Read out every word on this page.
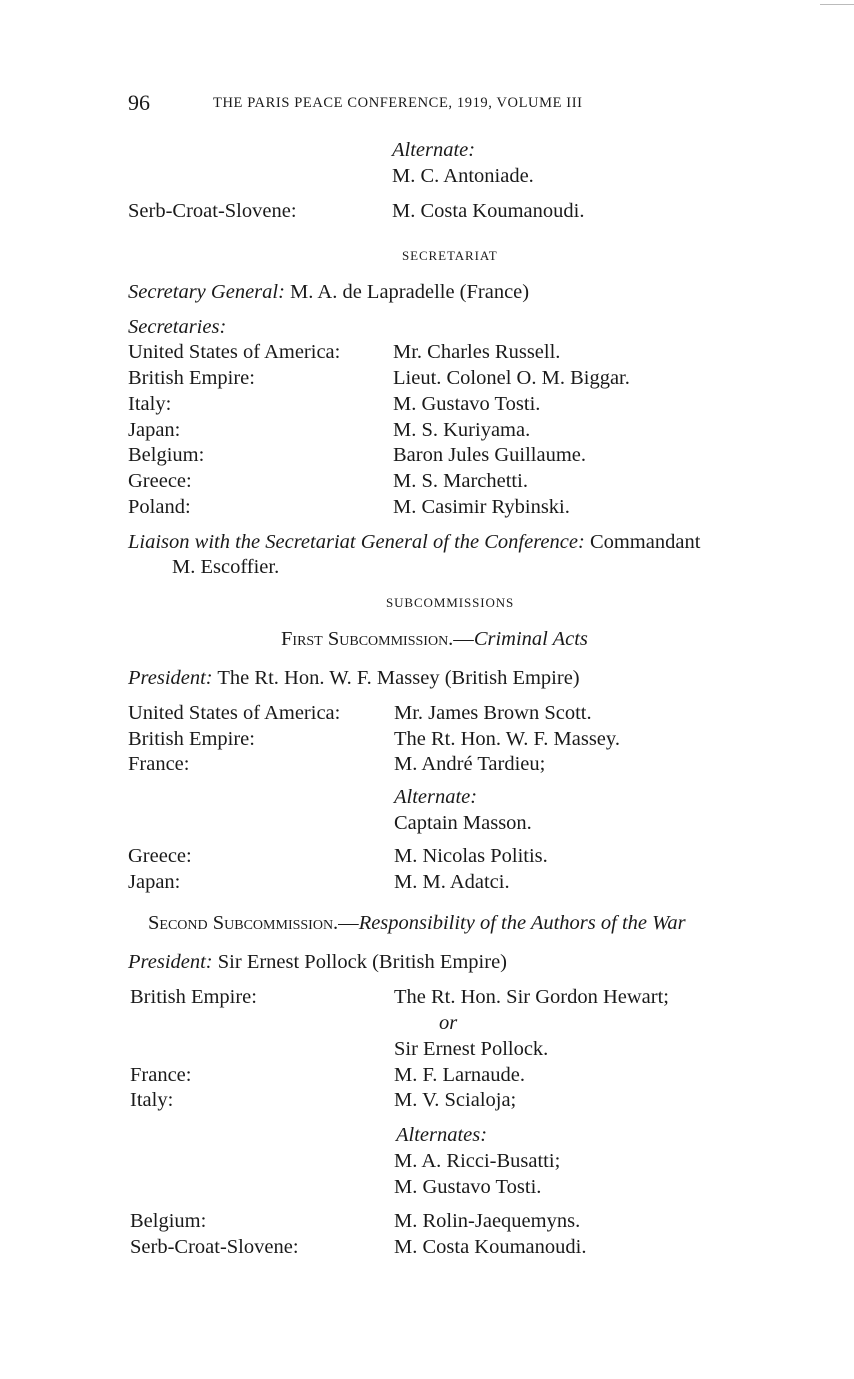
96	THE PARIS PEACE CONFERENCE, 1919, VOLUME III
Alternate:
M. C. Antoniade.
Serb-Croat-Slovene:	M. Costa Koumanoudi.
SECRETARIAT
Secretary General: M. A. de Lapradelle (France)
Secretaries:
United States of America:	Mr. Charles Russell.
British Empire:	Lieut. Colonel O. M. Biggar.
Italy:	M. Gustavo Tosti.
Japan:	M. S. Kuriyama.
Belgium:	Baron Jules Guillaume.
Greece:	M. S. Marchetti.
Poland:	M. Casimir Rybinski.
Liaison with the Secretariat General of the Conference: Commandant
M. Escoffier.
SUBCOMMISSIONS
First Subcommission.—Criminal Acts
President: The Rt. Hon. W. F. Massey (British Empire)
United States of America:	Mr. James Brown Scott.
British Empire:	The Rt. Hon. W. F. Massey.
France:	M. André Tardieu;
Alternate:
Captain Masson.
Greece:	M. Nicolas Politis.
Japan:	M. M. Adatci.
Second Subcommission.—Responsibility of the Authors of the War
President: Sir Ernest Pollock (British Empire)
British Empire:	The Rt. Hon. Sir Gordon Hewart;
or
Sir Ernest Pollock.
France:	M. F. Larnaude.
Italy:	M. V. Scialoja;
Alternates:
M. A. Ricci-Busatti;
M. Gustavo Tosti.
Belgium:	M. Rolin-Jaequemyns.
Serb-Croat-Slovene:	M. Costa Koumanoudi.
